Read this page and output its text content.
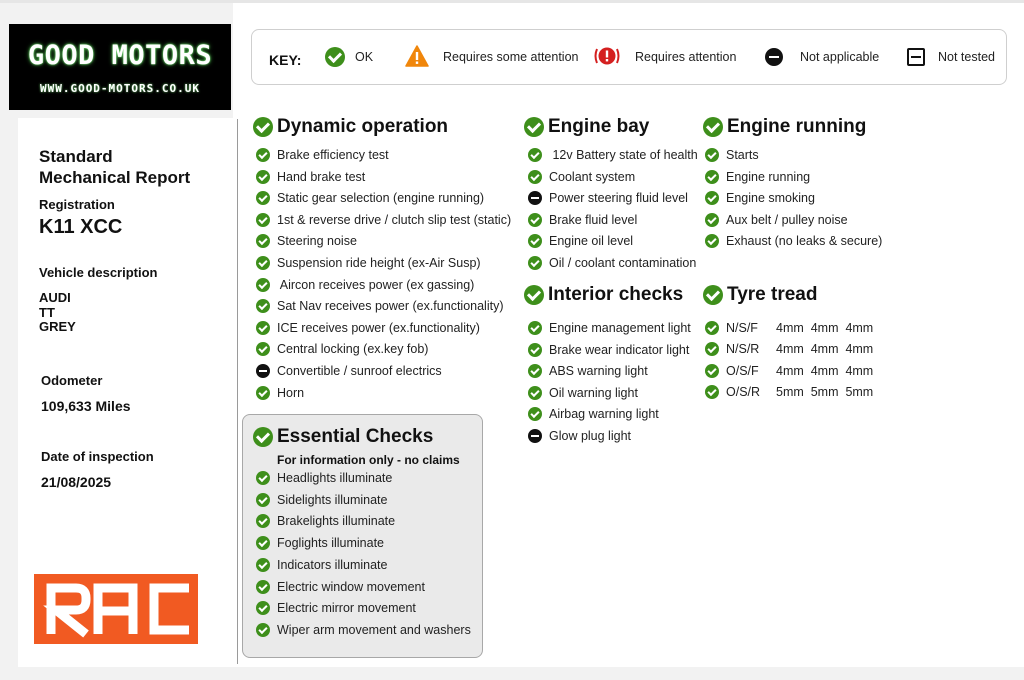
GOOD MOTORS
WWW.GOOD-MOTORS.CO.UK
KEY:	OK	Requires some attention	Requires attention	Not applicable	Not tested
Standard
Mechanical Report
Registration
K11 XCC
Vehicle description
AUDI
TT
GREY
Odometer
109,633 Miles
Date of inspection
21/08/2025
Dynamic operation	Engine bay	Engine running
Interior checks Tyre tread
Essential Checks
For information only - no claims
Brake efficiency test
Hand brake test
Static gear selection (engine running)
1st & reverse drive / clutch slip test (static)
Steering noise
Suspension ride height (ex-Air Susp)
Aircon receives power (ex gassing)
Sat Nav receives power (ex.functionality)
ICE receives power (ex.functionality)
Central locking (ex.key fob)
Convertible / sunroof electrics
Horn
12v Battery state of health
Coolant system
Power steering fluid level
Brake fluid level
Engine oil level
Oil / coolant contamination
Starts
Engine running
Engine smoking
Aux belt / pulley noise
Exhaust (no leaks & secure)
Engine management light
Brake wear indicator light
ABS warning light
Oil warning light
Airbag warning light
Glow plug light
N/S/F	4mm  4mm  4mm
N/S/R	4mm  4mm  4mm
O/S/F	4mm  4mm  4mm
O/S/R	5mm  5mm  5mm
Headlights illuminate
Sidelights illuminate
Brakelights illuminate
Foglights illuminate
Indicators illuminate
Electric window movement
Electric mirror movement
Wiper arm movement and washers
